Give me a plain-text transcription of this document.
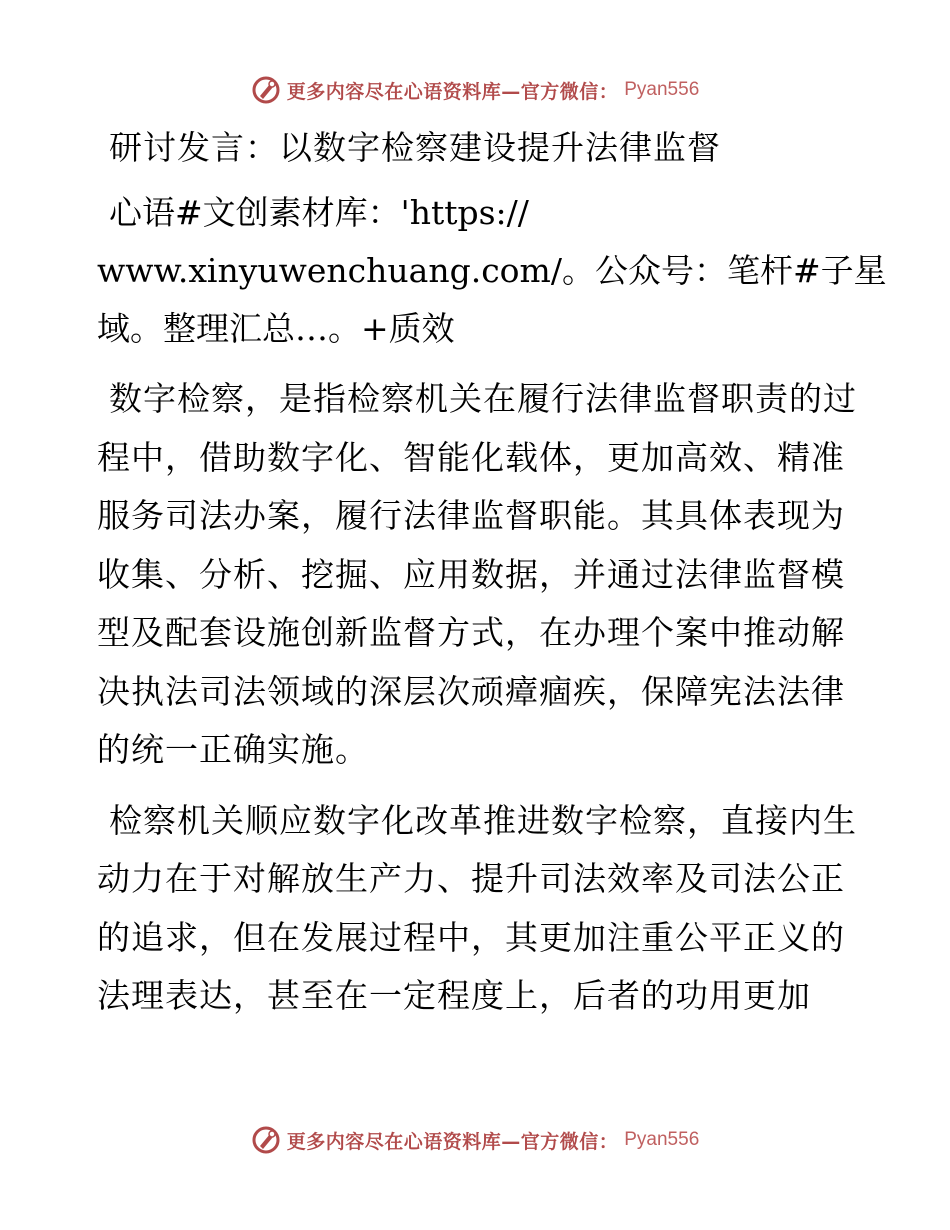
更多内容尽在心语资料库—官方微信： Pyan556
研讨发言：以数字检察建设提升法律监督
心语#文创素材库：'https://
www.xinyuwenchuang.com/。公众号：笔杆#子星
域。整理汇总…。+质效
数字检察，是指检察机关在履行法律监督职责的过程中，借助数字化、智能化载体，更加高效、精准服务司法办案，履行法律监督职能。其具体表现为收集、分析、挖掘、应用数据，并通过法律监督模型及配套设施创新监督方式，在办理个案中推动解决执法司法领域的深层次顽瘴痼疾，保障宪法法律的统一正确实施。
检察机关顺应数字化改革推进数字检察，直接内生动力在于对解放生产力、提升司法效率及司法公正的追求，但在发展过程中，其更加注重公平正义的法理表达，甚至在一定程度上，后者的功用更加
更多内容尽在心语资料库—官方微信： Pyan556
